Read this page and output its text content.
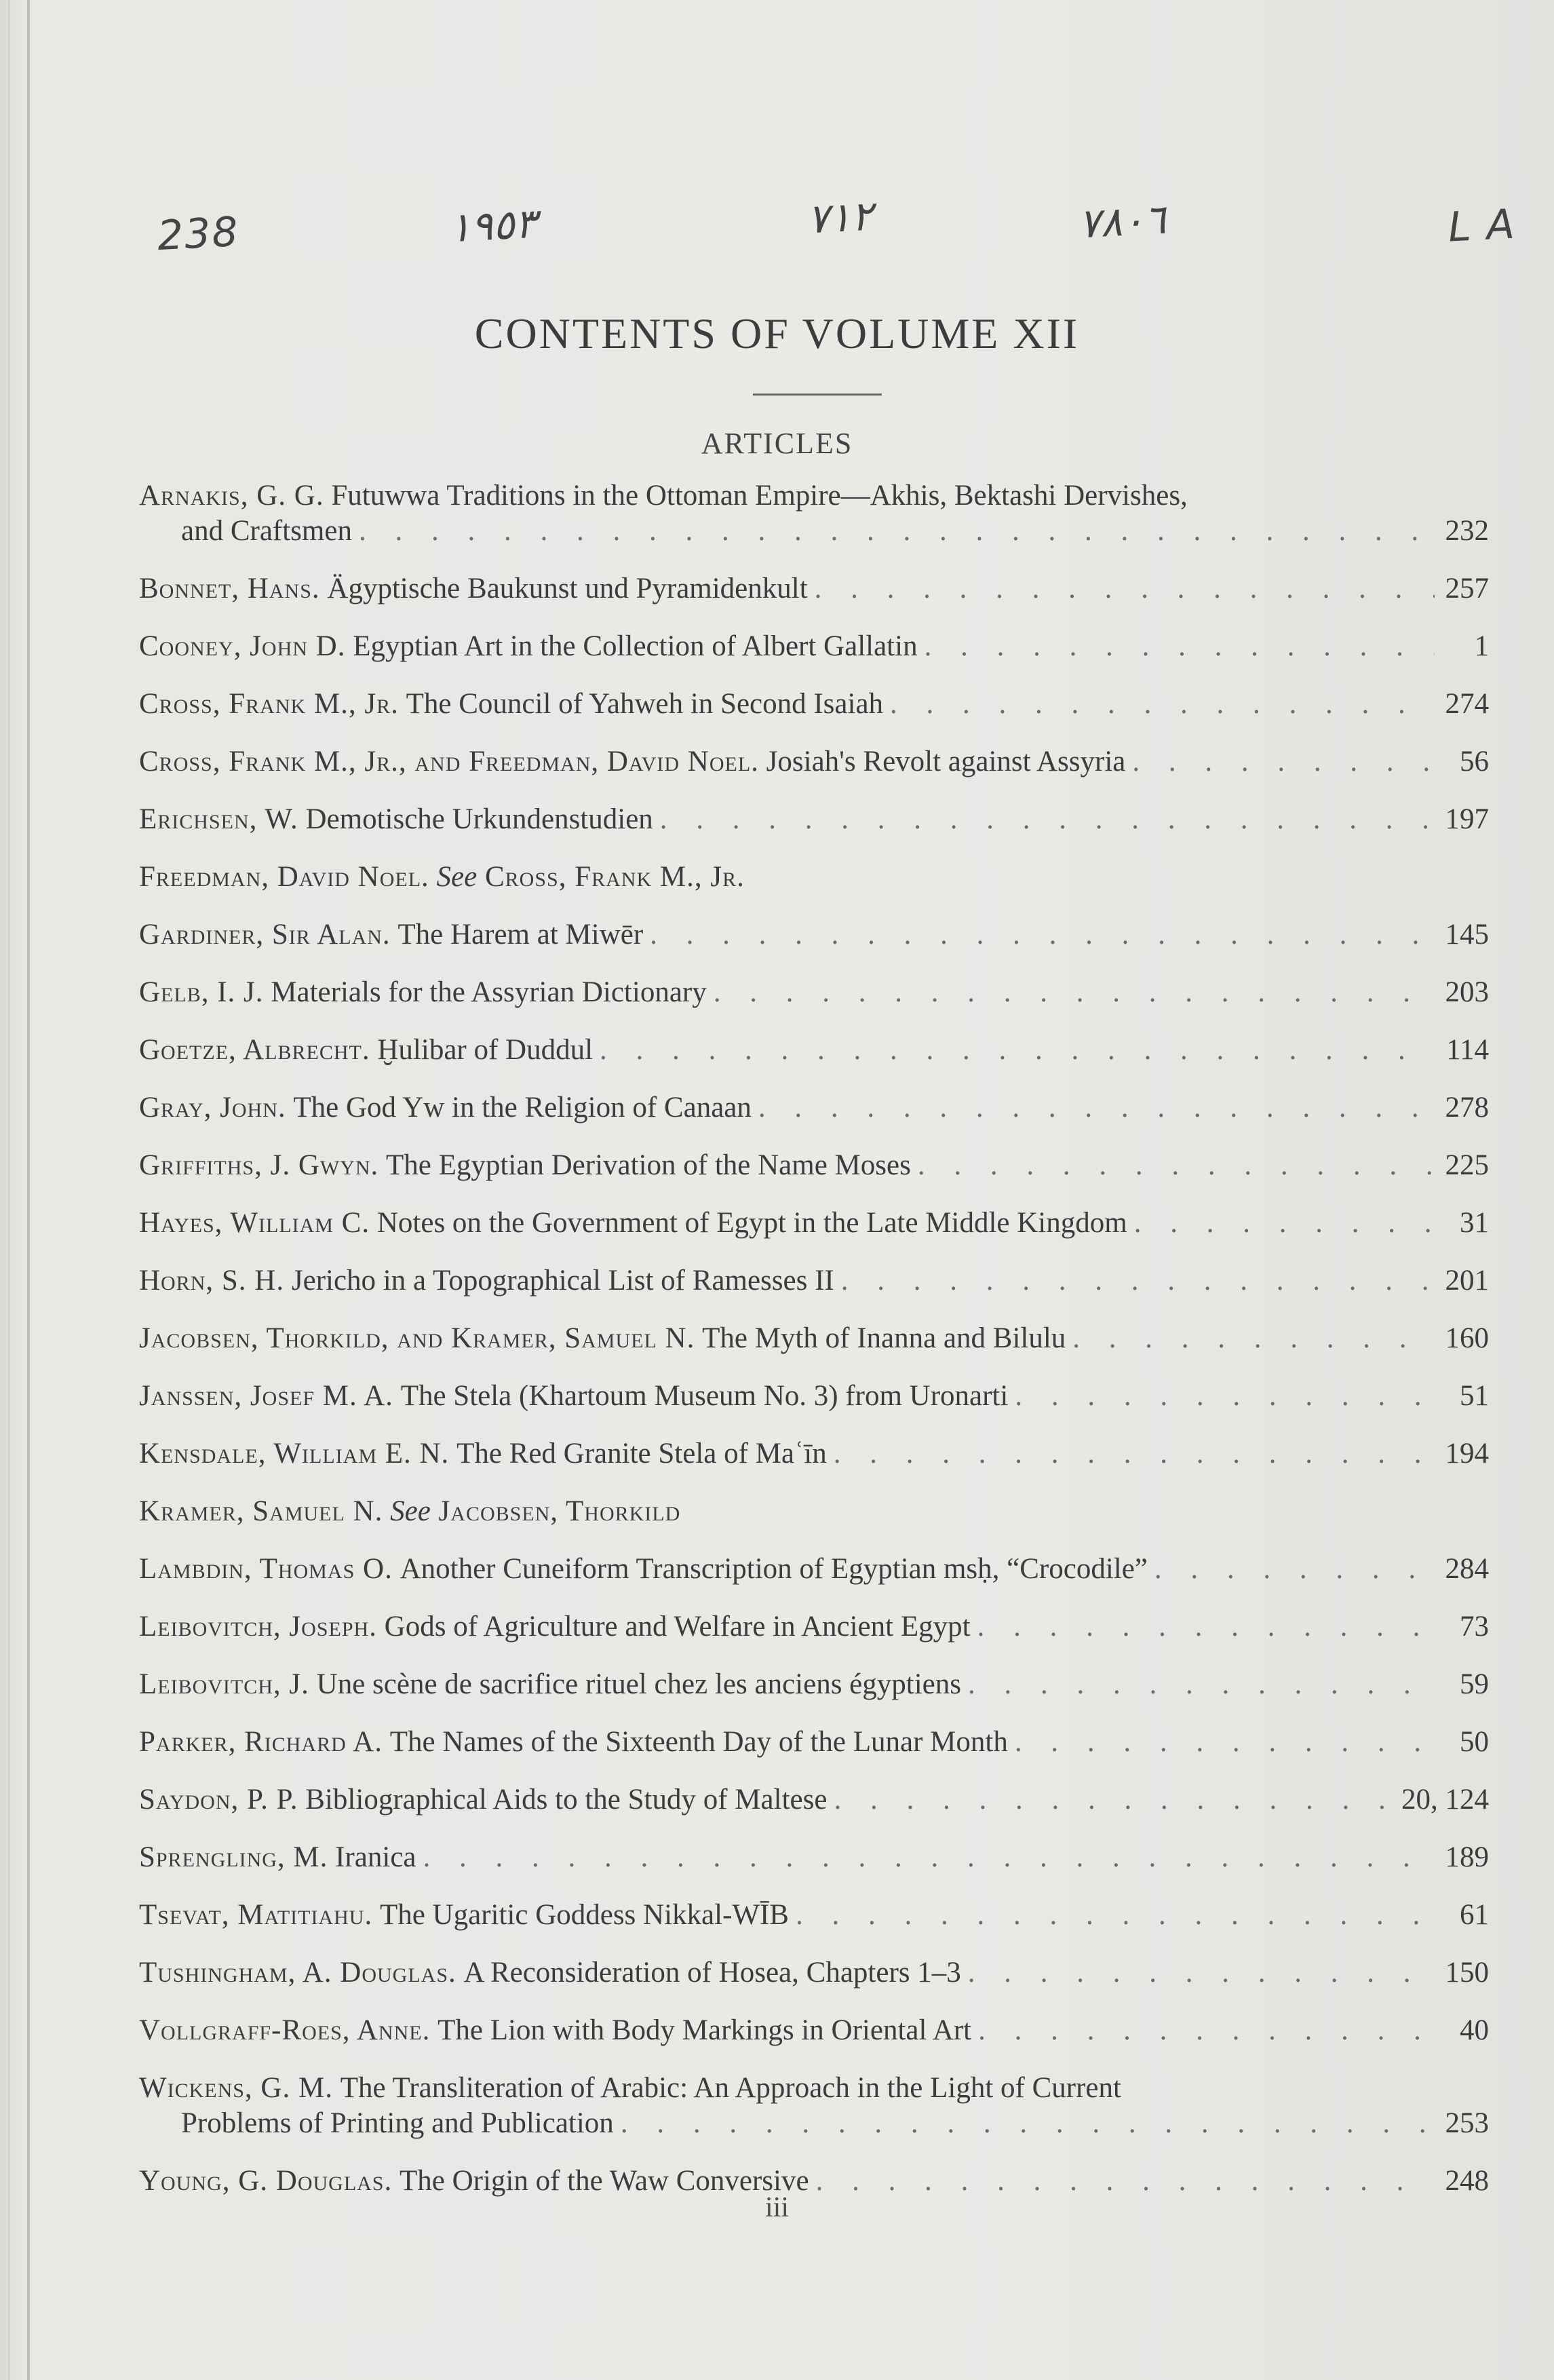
238	١٩٥٣	٧١٢	٧٨٠٦	L A
CONTENTS OF VOLUME XII
ARTICLES
Arnakis, G. G.
Futuwwa Traditions in the Ottoman Empire—Akhis, Bektashi Dervishes,
and Craftsmen . . .	232
Bonnet, Hans.
Ägyptische Baukunst und Pyramidenkult . . .	257
Cooney, John D.
Egyptian Art in the Collection of Albert Gallatin . . .	1
Cross, Frank M., Jr.
The Council of Yahweh in Second Isaiah . . .	274
Cross, Frank M., Jr., and Freedman, David Noel.
Josiah's Revolt against Assyria . . .	56
Erichsen, W.
Demotische Urkundenstudien . . .	197
Freedman, David Noel.
See Cross, Frank M., Jr.
Gardiner, Sir Alan.
The Harem at Miwēr . . .	145
Gelb, I. J.
Materials for the Assyrian Dictionary . . .	203
Goetze, Albrecht.
Ḫulibar of Duddul . . .	114
Gray, John.
The God Yw in the Religion of Canaan . . .	278
Griffiths, J. Gwyn.
The Egyptian Derivation of the Name Moses . . .	225
Hayes, William C.
Notes on the Government of Egypt in the Late Middle Kingdom . . .	31
Horn, S. H.
Jericho in a Topographical List of Ramesses II . . .	201
Jacobsen, Thorkild, and Kramer, Samuel N.
The Myth of Inanna and Bilulu . . .	160
Janssen, Josef M. A.
The Stela (Khartoum Museum No. 3) from Uronarti . . .	51
Kensdale, William E. N.
The Red Granite Stela of Maʿīn . . .	194
Kramer, Samuel N.
See Jacobsen, Thorkild
Lambdin, Thomas O.
Another Cuneiform Transcription of Egyptian msḥ, “Crocodile” . . .	284
Leibovitch, Joseph.
Gods of Agriculture and Welfare in Ancient Egypt . . .	73
Leibovitch, J.
Une scène de sacrifice rituel chez les anciens égyptiens . . .	59
Parker, Richard A.
The Names of the Sixteenth Day of the Lunar Month . . .	50
Saydon, P. P.
Bibliographical Aids to the Study of Maltese . . .	20, 124
Sprengling, M.
Iranica . . .	189
Tsevat, Matitiahu.
The Ugaritic Goddess Nikkal-WĪB . . .	61
Tushingham, A. Douglas.
A Reconsideration of Hosea, Chapters 1–3 . . .	150
Vollgraff-Roes, Anne.
The Lion with Body Markings in Oriental Art . . .	40
Wickens, G. M.
The Transliteration of Arabic: An Approach in the Light of Current
Problems of Printing and Publication . . .	253
Young, G. Douglas.
The Origin of the Waw Conversive . . .	248
iii
